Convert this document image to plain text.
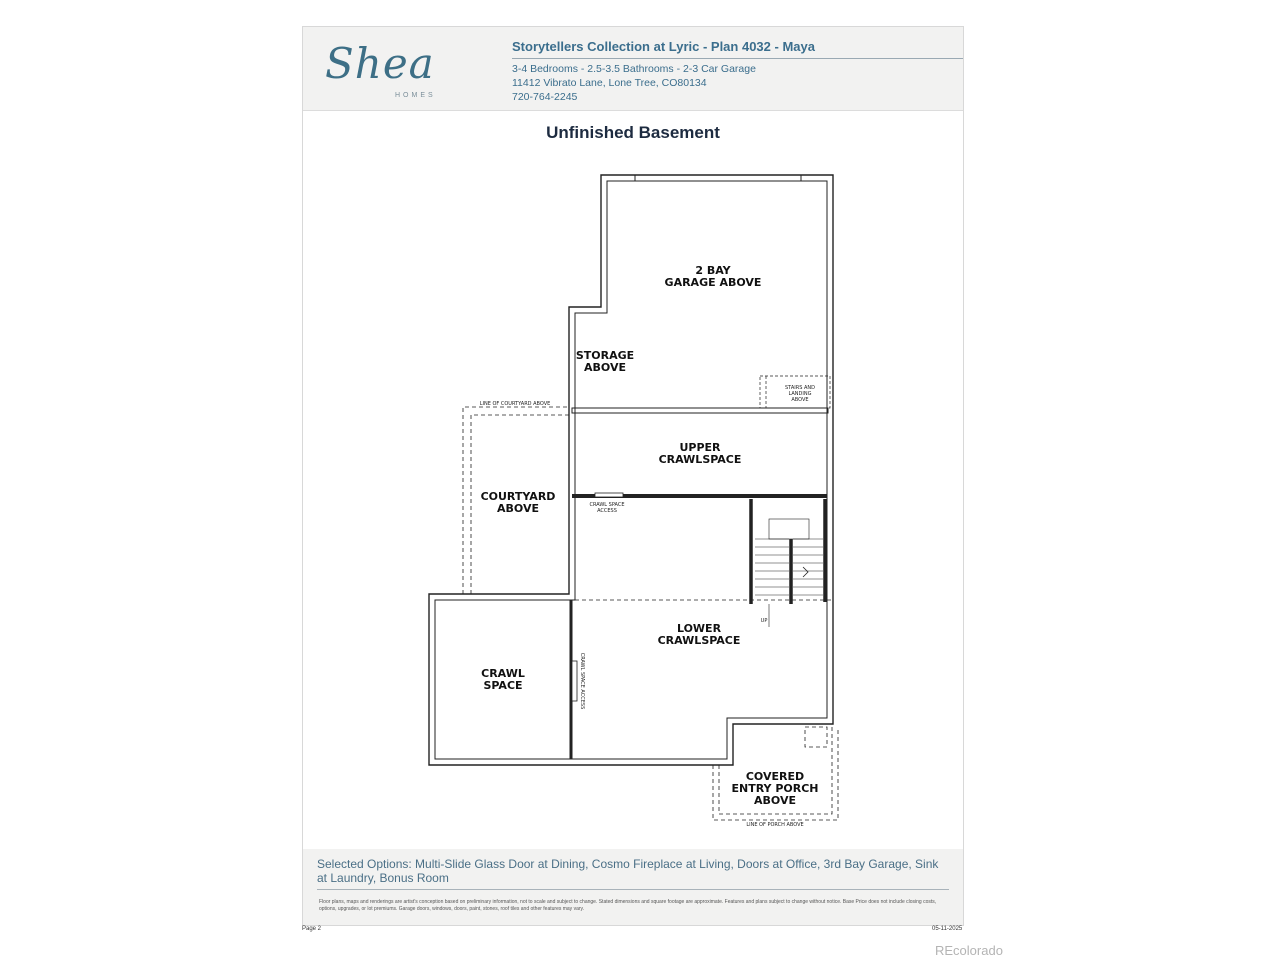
Shea
HOMES
Storytellers Collection at Lyric - Plan 4032 - Maya
3-4 Bedrooms - 2.5-3.5 Bathrooms - 2-3 Car Garage
11412 Vibrato Lane, Lone Tree, CO80134
720-764-2245
Unfinished Basement
2 BAY
GARAGE ABOVE
STORAGE
ABOVE
UPPER
CRAWLSPACE
COURTYARD
ABOVE
LOWER
CRAWLSPACE
CRAWL
SPACE
COVERED
ENTRY PORCH
ABOVE
LINE OF COURTYARD ABOVE
STAIRS AND
LANDING
ABOVE
CRAWL SPACE
ACCESS
CRAWL SPACE ACCESS
UP
LINE OF PORCH ABOVE
Selected Options: Multi-Slide Glass Door at Dining, Cosmo Fireplace at Living, Doors at Office, 3rd Bay Garage, Sink at Laundry, Bonus Room
Floor plans, maps and renderings are artist's conception based on preliminary information, not to scale and subject to change. Stated dimensions and square footage are approximate. Features and plans subject to change without notice. Base Price does not include closing costs, options, upgrades, or lot premiums. Garage doors, windows, doors, paint, stones, roof tiles and other features may vary.
Page 2	05-11-2025
REcolorado
